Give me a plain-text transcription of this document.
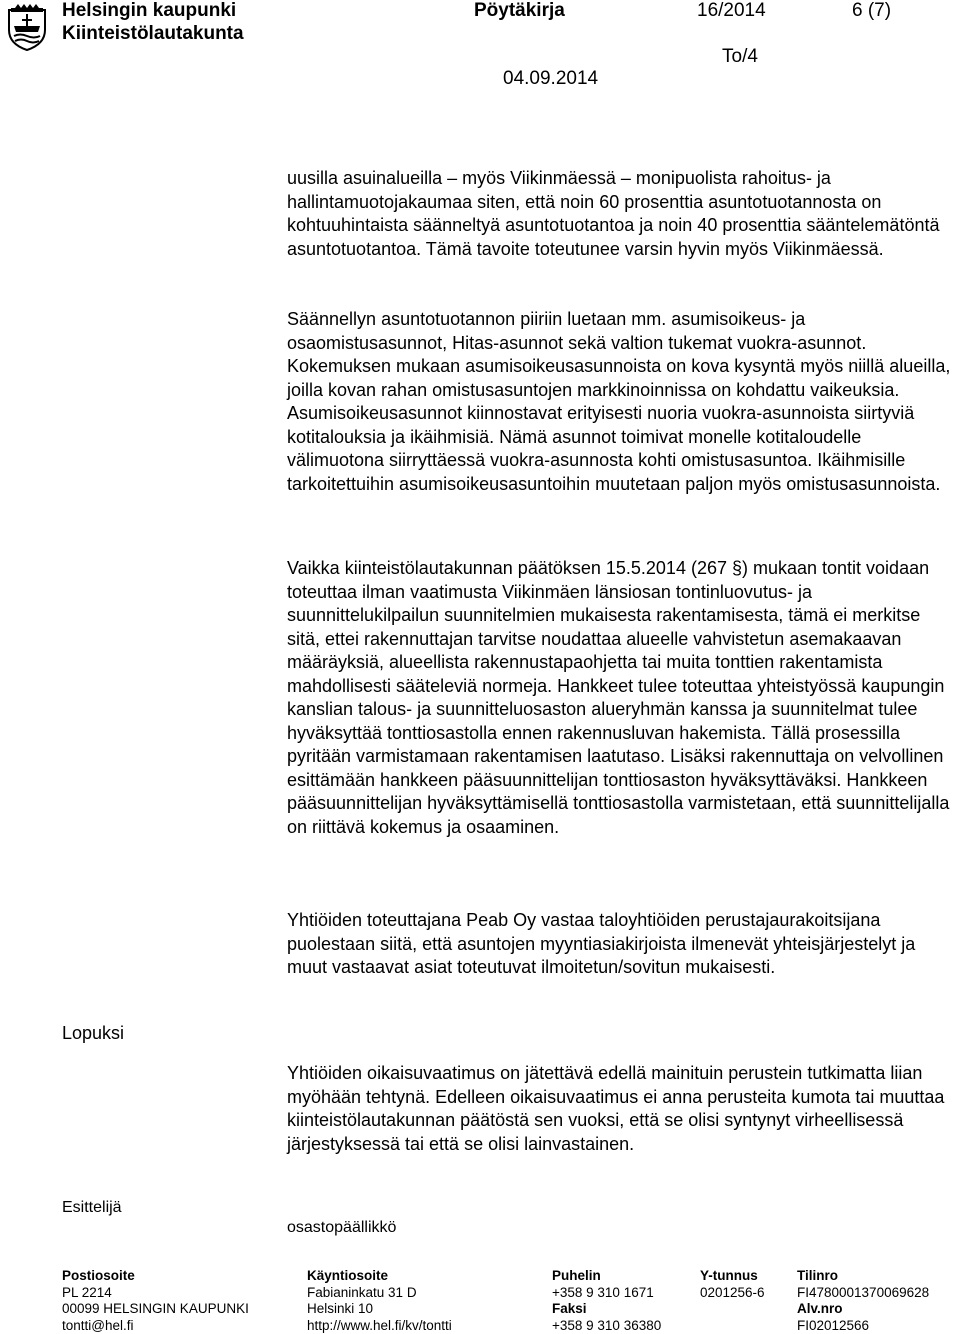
Helsingin kaupunki
Kiinteistölautakunta
Pöytäkirja	16/2014	6 (7)
To/4
04.09.2014

uusilla asuinalueilla – myös Viikinmäessä – monipuolista rahoitus- ja hallintamuotojakaumaa siten, että noin 60 prosenttia asuntotuotannosta on kohtuuhintaista säänneltyä asuntotuotantoa ja noin 40 prosenttia sääntelemätöntä asuntotuotantoa. Tämä tavoite toteutunee varsin hyvin myös Viikinmäessä.

Säännellyn asuntotuotannon piiriin luetaan mm. asumisoikeus- ja osaomistusasunnot, Hitas-asunnot sekä valtion tukemat vuokra-asunnot. Kokemuksen mukaan asumisoikeusasunnoista on kova kysyntä myös niillä alueilla, joilla kovan rahan omistusasuntojen markkinoinnissa on kohdattu vaikeuksia. Asumisoikeusasunnot kiinnostavat erityisesti nuoria vuokra-asunnoista siirtyviä kotitalouksia ja ikäihmisiä. Nämä asunnot toimivat monelle kotitaloudelle välimuotona siirryttäessä vuokra-asunnosta kohti omistusasuntoa. Ikäihmisille tarkoitettuihin asumisoikeusasuntoihin muutetaan paljon myös omistusasunnoista.

Vaikka kiinteistölautakunnan päätöksen 15.5.2014 (267 §) mukaan tontit voidaan toteuttaa ilman vaatimusta Viikinmäen länsiosan tontinluovutus- ja suunnittelukilpailun suunnitelmien mukaisesta rakentamisesta, tämä ei merkitse sitä, ettei rakennuttajan tarvitse noudattaa alueelle vahvistetun asemakaavan määräyksiä, alueellista rakennustapaohjetta tai muita tonttien rakentamista mahdollisesti sääteleviä normeja. Hankkeet tulee toteuttaa yhteistyössä kaupungin kanslian talous- ja suunnitteluosaston alueryhmän kanssa ja suunnitelmat tulee hyväksyttää tonttiosastolla ennen rakennusluvan hakemista. Tällä prosessilla pyritään varmistamaan rakentamisen laatutaso. Lisäksi rakennuttaja on velvollinen esittämään hankkeen pääsuunnittelijan tonttiosaston hyväksyttäväksi. Hankkeen pääsuunnittelijan hyväksyttämisellä tonttiosastolla varmistetaan, että suunnittelijalla on riittävä kokemus ja osaaminen.

Yhtiöiden toteuttajana Peab Oy vastaa taloyhtiöiden perustajaurakoitsijana puolestaan siitä, että asuntojen myyntiasiakirjoista ilmenevät yhteisjärjestelyt ja muut vastaavat asiat toteutuvat ilmoitetun/sovitun mukaisesti.

Yhtiöiden oikaisuvaatimus on jätettävä edellä mainituin perustein tutkimatta liian myöhään tehtynä. Edelleen oikaisuvaatimus ei anna perusteita kumota tai muuttaa kiinteistölautakunnan päätöstä sen vuoksi, että se olisi syntynyt virheellisessä järjestyksessä tai että se olisi lainvastainen.

Lopuksi
Esittelijä
osastopäällikkö
Postiosoite
PL 2214
00099 HELSINGIN KAUPUNKI
tontti@hel.fi
Käyntiosoite
Fabianinkatu 31 D
Helsinki 10
http://www.hel.fi/kv/tontti
Puhelin
+358 9 310 1671
Faksi
+358 9 310 36380
Y-tunnus
0201256-6
Tilinro
FI4780001370069628
Alv.nro
FI02012566
